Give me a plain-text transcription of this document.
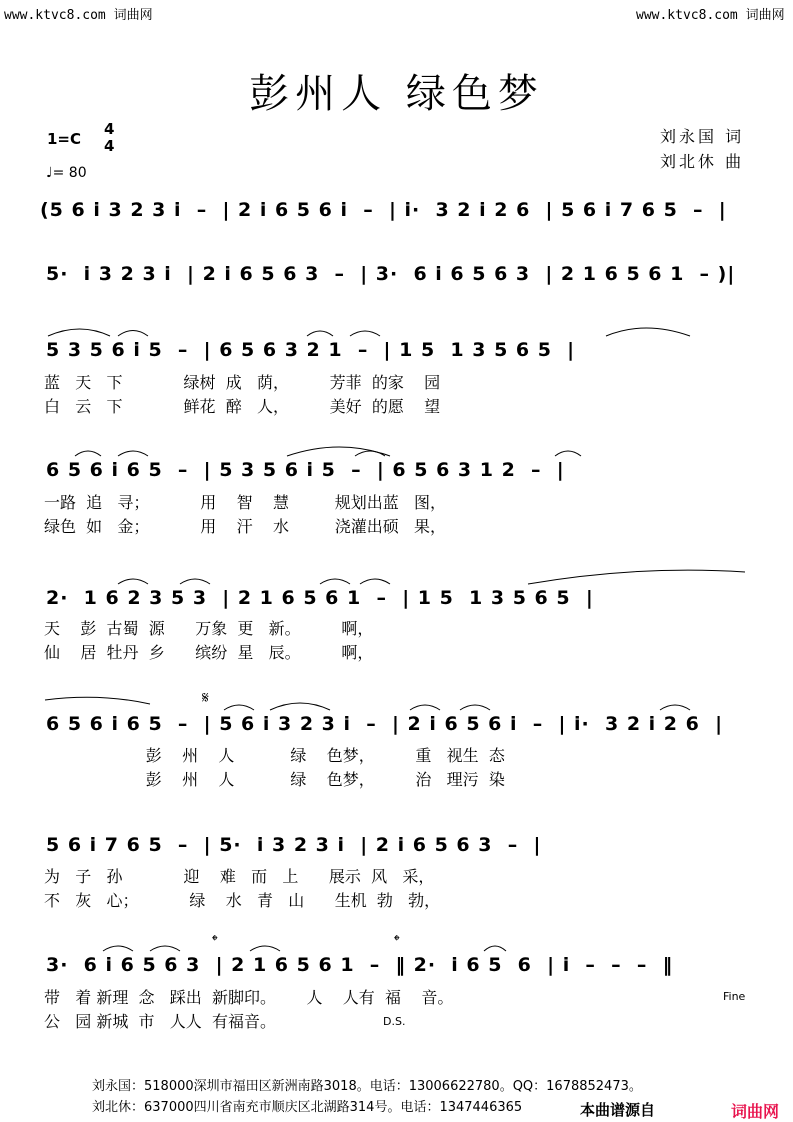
www.ktvc8.com 词曲网	www.ktvc8.com 词曲网
彭州人 绿色梦
1=C
4
4
♩= 80
刘永国 词
刘北休 曲
(5 6 i 3 2 3 i  –  | 2 i 6 5 6 i  –  | i·  3 2 i 2 6  | 5 6 i 7 6 5  –  |
5·  i 3 2 3 i  | 2 i 6 5 6 3  –  | 3·  6 i 6 5 6 3  | 2 1 6 5 6 1  – )|
5 3 5 6 i 5  –  | 6 5 6 3 2 1  –  | 1 5  1 3 5 6 5  |
蓝   天   下            绿树  成   荫，        芳菲  的家    园
白   云   下            鲜花  醉   人，        美好  的愿    望
6 5 6 i 6 5  –  | 5 3 5 6 i 5  –  | 6 5 6 3 1 2  –  |
一路  追   寻；          用    智    慧         规划出蓝   图，
绿色  如   金；          用    汗    水         浇灌出硕   果，
2·  1 6 2 3 5 3  | 2 1 6 5 6 1  –  | 1 5  1 3 5 6 5  |
天    彭  古蜀  源      万象  更   新。        啊，
仙    居  牡丹  乡      缤纷  星   辰。        啊，
6 5 6 i 6 5  –  | 5 6 i 3 2 3 i  –  | 2 i 6 5 6 i  –  | i·  3 2 i 2 6  |
彭    州    人           绿    色梦，        重   视生  态
彭    州    人           绿    色梦，        治   理污  染
5 6 i 7 6 5  –  | 5·  i 3 2 3 i  | 2 i 6 5 6 3  –  |
为   子   孙            迎    难   而   上      展示  风   采，
不   灰   心；          绿    水   青   山      生机  勃   勃，
3·  6 i 6 5 6 3  | 2 1 6 5 6 1  –  ‖ 2·  i 6 5  6  | i  –  –  –  ‖
带   着 新理  念   踩出  新脚印。      人    人有  福    音。
公   园 新城  市   人人  有福音。
𝄋
𝄌	𝄌
Fine
D.S.
刘永国：518000深圳市福田区新洲南路3018。电话：13006622780。QQ：1678852473。
刘北休：637000四川省南充市顺庆区北湖路314号。电话：1347446365	本曲谱源自	词曲网
